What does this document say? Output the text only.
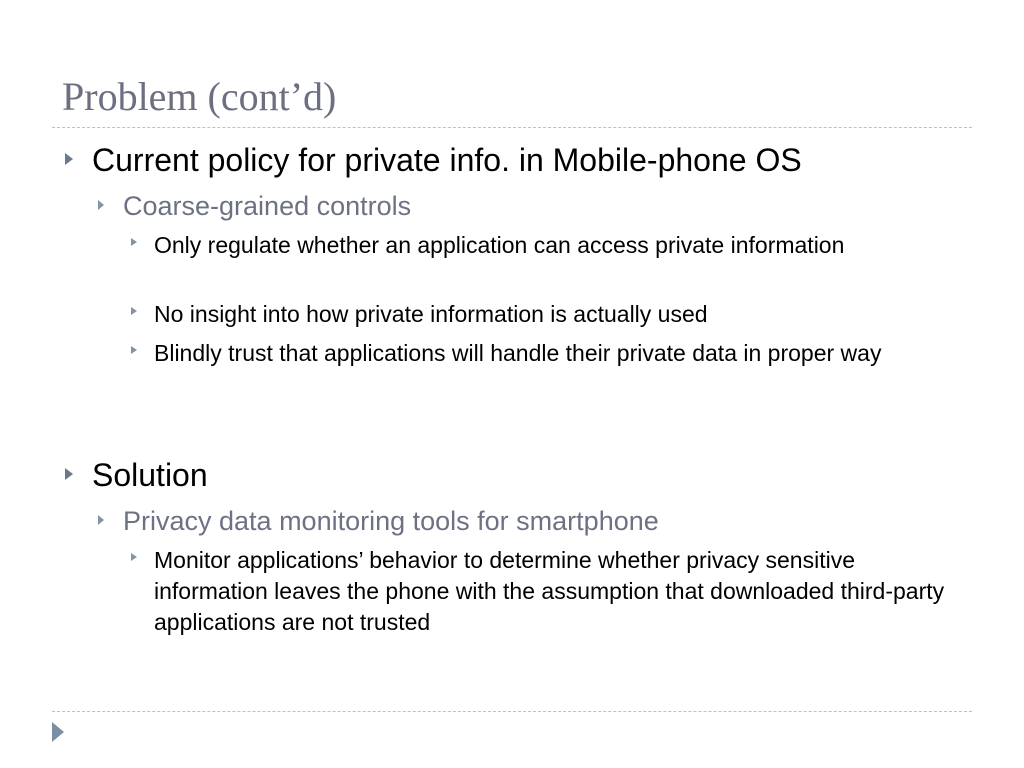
Problem (cont’d)
Current policy for private info. in Mobile-phone OS
Coarse-grained controls
Only regulate whether an application can access private information
No insight into how private information is actually used
Blindly trust that applications will handle their private data in proper way
Solution
Privacy data monitoring tools for smartphone
Monitor applications’ behavior to determine whether privacy sensitive information leaves the phone with the assumption that downloaded third-party applications are not trusted
